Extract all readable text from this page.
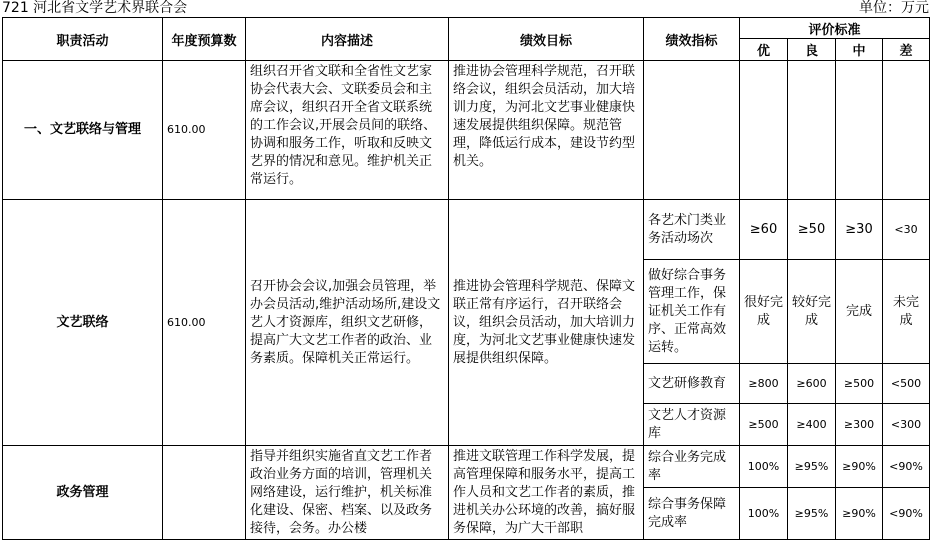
721 河北省文学艺术界联合会	单位：万元
职责活动	年度预算数	内容描述	绩效目标	绩效指标	评价标准			
					优	良	中	差
一、文艺联络与管理	610.00	组织召开省文联和全省性文艺家协会代表大会、文联委员会和主席会议，组织召开全省文联系统的工作会议,开展会员间的联络、协调和服务工作，听取和反映文艺界的情况和意见。维护机关正常运行。	推进协会管理科学规范，召开联络会议，组织会员活动，加大培训力度，为河北文艺事业健康快速发展提供组织保障。规范管理，降低运行成本，建设节约型机关。					
文艺联络	610.00	召开协会会议,加强会员管理，举办会员活动,维护活动场所,建设文艺人才资源库，组织文艺研修，提高广大文艺工作者的政治、业务素质。保障机关正常运行。	推进协会管理科学规范、保障文联正常有序运行，召开联络会议，组织会员活动，加大培训力度，为河北文艺事业健康快速发展提供组织保障。	各艺术门类业务活动场次	≥60	≥50	≥30	<30
				做好综合事务管理工作，保证机关工作有序、正常高效运转。	很好完成	较好完成	完成	未完成
				文艺研修教育	≥800	≥600	≥500	<500
				文艺人才资源库	≥500	≥400	≥300	<300
政务管理		指导并组织实施省直文艺工作者政治业务方面的培训，管理机关网络建设，运行维护，机关标准化建设、保密、档案、以及政务接待，会务。办公楼	推进文联管理工作科学发展，提高管理保障和服务水平，提高工作人员和文艺工作者的素质，推进机关办公环境的改善，搞好服务保障，为广大干部职	综合业务完成率	100%	≥95%	≥90%	<90%
				综合事务保障完成率	100%	≥95%	≥90%	<90%
